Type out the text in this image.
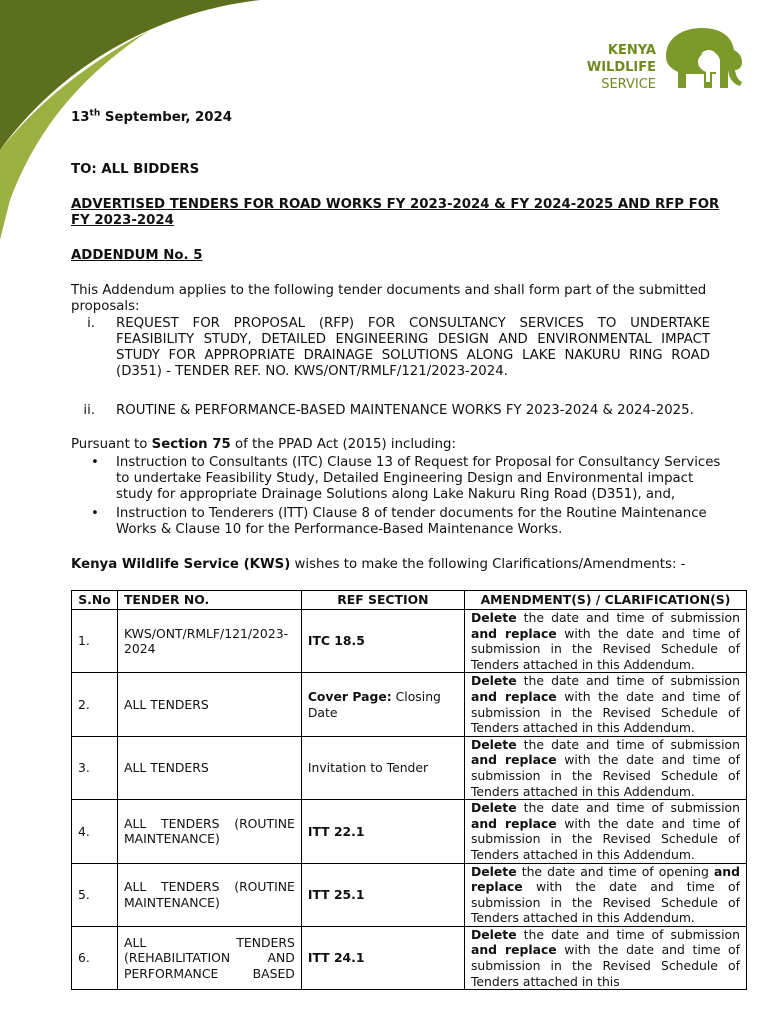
KENYA
WILDLIFE
SERVICE
13th September, 2024
TO: ALL BIDDERS
ADVERTISED TENDERS FOR ROAD WORKS FY 2023-2024 & FY 2024-2025 AND RFP FOR FY 2023-2024
ADDENDUM No. 5
This Addendum applies to the following tender documents and shall form part of the submitted proposals:
i. REQUEST FOR PROPOSAL (RFP) FOR CONSULTANCY SERVICES TO UNDERTAKE FEASIBILITY STUDY, DETAILED ENGINEERING DESIGN AND ENVIRONMENTAL IMPACT STUDY FOR APPROPRIATE DRAINAGE SOLUTIONS ALONG LAKE NAKURU RING ROAD (D351) - TENDER REF. NO. KWS/ONT/RMLF/121/2023-2024.
ii. ROUTINE & PERFORMANCE-BASED MAINTENANCE WORKS FY 2023-2024 & 2024-2025.
Pursuant to Section 75 of the PPAD Act (2015) including:
• Instruction to Consultants (ITC) Clause 13 of Request for Proposal for Consultancy Services to undertake Feasibility Study, Detailed Engineering Design and Environmental impact study for appropriate Drainage Solutions along Lake Nakuru Ring Road (D351), and,
• Instruction to Tenderers (ITT) Clause 8 of tender documents for the Routine Maintenance Works & Clause 10 for the Performance-Based Maintenance Works.
Kenya Wildlife Service (KWS) wishes to make the following Clarifications/Amendments: -
S.No	TENDER NO.	REF SECTION	AMENDMENT(S) / CLARIFICATION(S)
1.	KWS/ONT/RMLF/121/2023-2024	ITC 18.5	Delete the date and time of submission and replace with the date and time of submission in the Revised Schedule of Tenders attached in this Addendum.
2.	ALL TENDERS	Cover Page: Closing Date	Delete the date and time of submission and replace with the date and time of submission in the Revised Schedule of Tenders attached in this Addendum.
3.	ALL TENDERS	Invitation to Tender	Delete the date and time of submission and replace with the date and time of submission in the Revised Schedule of Tenders attached in this Addendum.
4.	ALL TENDERS (ROUTINE MAINTENANCE)	ITT 22.1	Delete the date and time of submission and replace with the date and time of submission in the Revised Schedule of Tenders attached in this Addendum.
5.	ALL TENDERS (ROUTINE MAINTENANCE)	ITT 25.1	Delete the date and time of opening and replace with the date and time of submission in the Revised Schedule of Tenders attached in this Addendum.
6.	ALL TENDERS (REHABILITATION AND PERFORMANCE BASED	ITT 24.1	Delete the date and time of submission and replace with the date and time of submission in the Revised Schedule of Tenders attached in this
